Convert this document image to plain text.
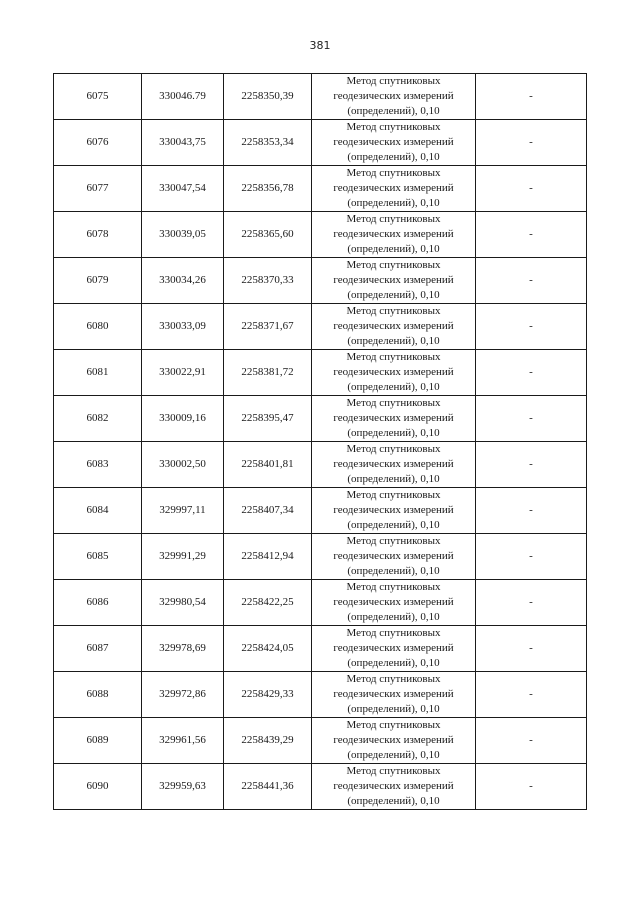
381
6075	330046.79	2258350,39	Метод спутниковых
геодезических измерений
(определений), 0,10	-
6076	330043,75	2258353,34	Метод спутниковых
геодезических измерений
(определений), 0,10	-
6077	330047,54	2258356,78	Метод спутниковых
геодезических измерений
(определений), 0,10	-
6078	330039,05	2258365,60	Метод спутниковых
геодезических измерений
(определений), 0,10	-
6079	330034,26	2258370,33	Метод спутниковых
геодезических измерений
(определений), 0,10	-
6080	330033,09	2258371,67	Метод спутниковых
геодезических измерений
(определений), 0,10	-
6081	330022,91	2258381,72	Метод спутниковых
геодезических измерений
(определений), 0,10	-
6082	330009,16	2258395,47	Метод спутниковых
геодезических измерений
(определений), 0,10	-
6083	330002,50	2258401,81	Метод спутниковых
геодезических измерений
(определений), 0,10	-
6084	329997,11	2258407,34	Метод спутниковых
геодезических измерений
(определений), 0,10	-
6085	329991,29	2258412,94	Метод спутниковых
геодезических измерений
(определений), 0,10	-
6086	329980,54	2258422,25	Метод спутниковых
геодезических измерений
(определений), 0,10	-
6087	329978,69	2258424,05	Метод спутниковых
геодезических измерений
(определений), 0,10	-
6088	329972,86	2258429,33	Метод спутниковых
геодезических измерений
(определений), 0,10	-
6089	329961,56	2258439,29	Метод спутниковых
геодезических измерений
(определений), 0,10	-
6090	329959,63	2258441,36	Метод спутниковых
геодезических измерений
(определений), 0,10	-
